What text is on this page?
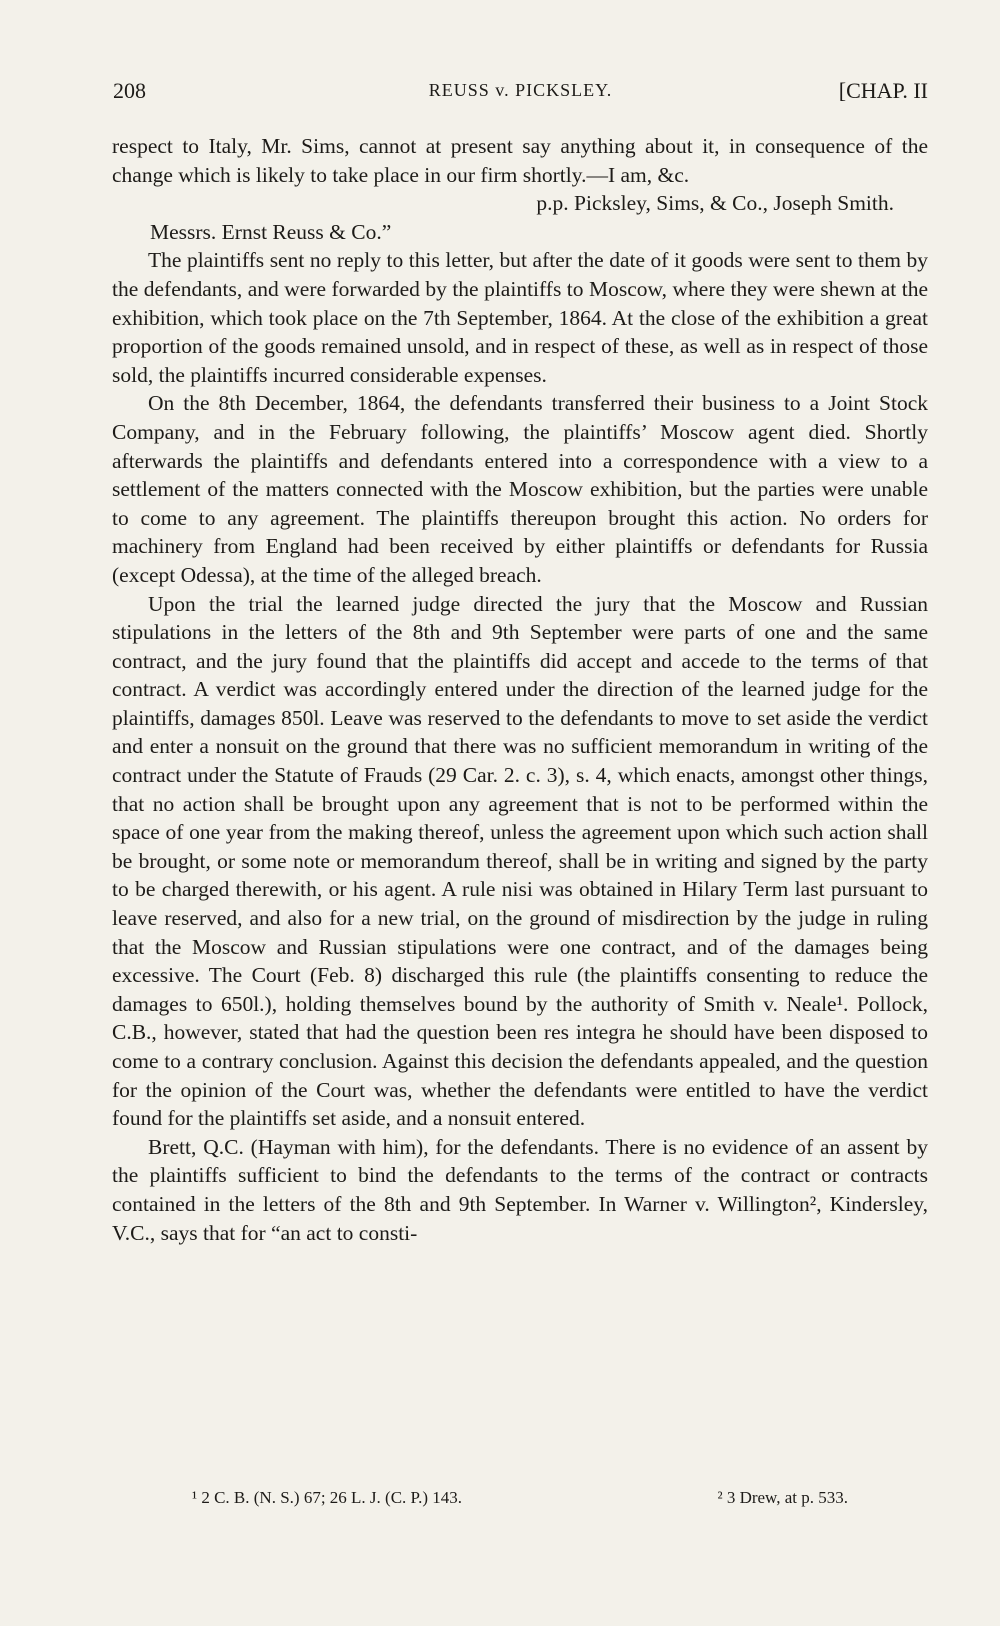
208	REUSS v. PICKSLEY.	[CHAP. II

respect to Italy, Mr. Sims, cannot at present say anything about it, in consequence of the change which is likely to take place in our firm shortly.—I am, &c.

p.p. Picksley, Sims, & Co., Joseph Smith.

Messrs. Ernst Reuss & Co.”

The plaintiffs sent no reply to this letter, but after the date of it goods were sent to them by the defendants, and were forwarded by the plaintiffs to Moscow, where they were shewn at the exhibition, which took place on the 7th September, 1864. At the close of the exhibition a great proportion of the goods remained unsold, and in respect of these, as well as in respect of those sold, the plaintiffs incurred considerable expenses.

On the 8th December, 1864, the defendants transferred their business to a Joint Stock Company, and in the February following, the plaintiffs’ Moscow agent died. Shortly afterwards the plaintiffs and defendants entered into a correspondence with a view to a settlement of the matters connected with the Moscow exhibition, but the parties were unable to come to any agreement. The plaintiffs thereupon brought this action. No orders for machinery from England had been received by either plaintiffs or defendants for Russia (except Odessa), at the time of the alleged breach.

Upon the trial the learned judge directed the jury that the Moscow and Russian stipulations in the letters of the 8th and 9th September were parts of one and the same contract, and the jury found that the plaintiffs did accept and accede to the terms of that contract. A verdict was accordingly entered under the direction of the learned judge for the plaintiffs, damages 850l. Leave was reserved to the defendants to move to set aside the verdict and enter a nonsuit on the ground that there was no sufficient memorandum in writing of the contract under the Statute of Frauds (29 Car. 2. c. 3), s. 4, which enacts, amongst other things, that no action shall be brought upon any agreement that is not to be performed within the space of one year from the making thereof, unless the agreement upon which such action shall be brought, or some note or memorandum thereof, shall be in writing and signed by the party to be charged therewith, or his agent. A rule nisi was obtained in Hilary Term last pursuant to leave reserved, and also for a new trial, on the ground of misdirection by the judge in ruling that the Moscow and Russian stipulations were one contract, and of the damages being excessive. The Court (Feb. 8) discharged this rule (the plaintiffs consenting to reduce the damages to 650l.), holding themselves bound by the authority of Smith v. Neale¹. Pollock, C.B., however, stated that had the question been res integra he should have been disposed to come to a contrary conclusion. Against this decision the defendants appealed, and the question for the opinion of the Court was, whether the defendants were entitled to have the verdict found for the plaintiffs set aside, and a nonsuit entered.

Brett, Q.C. (Hayman with him), for the defendants. There is no evidence of an assent by the plaintiffs sufficient to bind the defendants to the terms of the contract or contracts contained in the letters of the 8th and 9th September. In Warner v. Willington², Kindersley, V.C., says that for “an act to consti-

¹ 2 C. B. (N. S.) 67; 26 L. J. (C. P.) 143.	² 3 Drew, at p. 533.
